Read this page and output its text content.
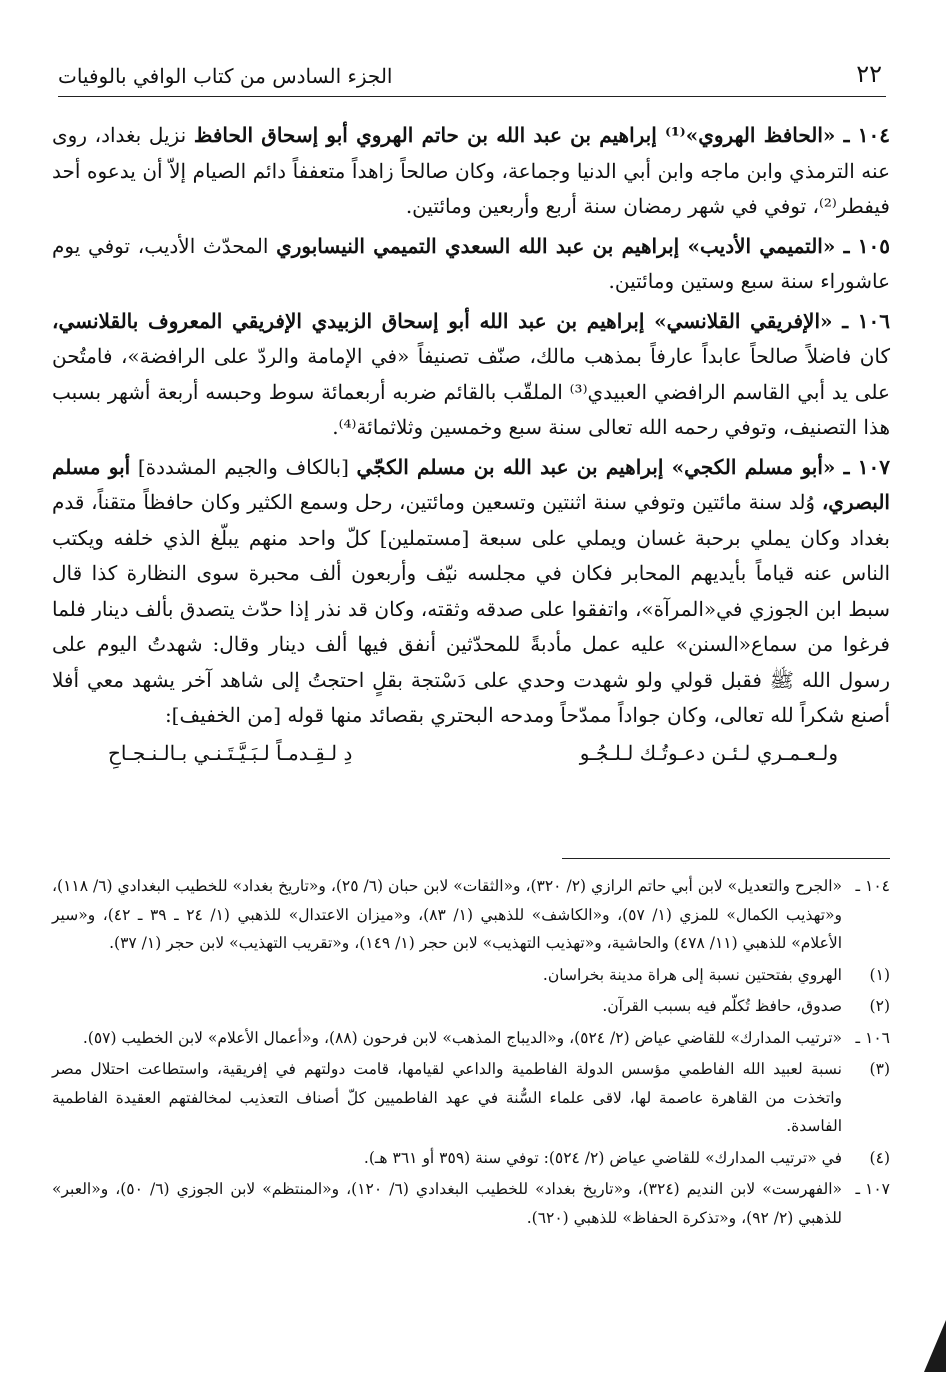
٢٢
الجزء السادس من كتاب الوافي بالوفيات

١٠٤ ـ «الحافظ الهروي»⁽¹⁾ إبراهيم بن عبد الله بن حاتم الهروي أبو إسحاق الحافظ نزيل بغداد، روى عنه الترمذي وابن ماجه وابن أبي الدنيا وجماعة، وكان صالحاً زاهداً متعففاً دائم الصيام إلاّ أن يدعوه أحد فيفطر⁽²⁾، توفي في شهر رمضان سنة أربع وأربعين ومائتين.

١٠٥ ـ «التميمي الأديب» إبراهيم بن عبد الله السعدي التميمي النيسابوري المحدّث الأديب، توفي يوم عاشوراء سنة سبع وستين ومائتين.

١٠٦ ـ «الإفريقي القلانسي» إبراهيم بن عبد الله أبو إسحاق الزبيدي الإفريقي المعروف بالقلانسي، كان فاضلاً صالحاً عابداً عارفاً بمذهب مالك، صنّف تصنيفاً «في الإمامة والردّ على الرافضة»، فامتُحن على يد أبي القاسم الرافضي العبيدي⁽³⁾ الملقّب بالقائم ضربه أربعمائة سوط وحبسه أربعة أشهر بسبب هذا التصنيف، وتوفي رحمه الله تعالى سنة سبع وخمسين وثلاثمائة⁽⁴⁾.

١٠٧ ـ «أبو مسلم الكجي» إبراهيم بن عبد الله بن مسلم الكجّي [بالكاف والجيم المشددة] أبو مسلم البصري، وُلد سنة مائتين وتوفي سنة اثنتين وتسعين ومائتين، رحل وسمع الكثير وكان حافظاً متقناً، قدم بغداد وكان يملي برحبة غسان ويملي على سبعة [مستملين] كلّ واحد منهم يبلّغ الذي خلفه ويكتب الناس عنه قياماً بأيديهم المحابر فكان في مجلسه نيّف وأربعون ألف محبرة سوى النظارة كذا قال سبط ابن الجوزي في«المرآة»، واتفقوا على صدقه وثقته، وكان قد نذر إذا حدّث يتصدق بألف دينار فلما فرغوا من سماع«السنن» عليه عمل مأدبةً للمحدّثين أنفق فيها ألف دينار وقال: شهدتُ اليوم على رسول الله ﷺ فقبل قولي ولو شهدت وحدي على دَسْتجة بقلٍ احتجتُ إلى شاهد آخر يشهد معي أفلا أصنع شكراً لله تعالى، وكان جواداً ممدّحاً ومدحه البحتري بقصائد منها قوله [من الخفيف]:

ولـعـمـري لـئـن دعـوتُـك لـلـجُـو
دِ لـقِـدمـاً لـبَـيَّـتَـنـي بـالـنـجـاحِ
١٠٤ ـ
«الجرح والتعديل» لابن أبي حاتم الرازي (٢/ ٣٢٠)، و«الثقات» لابن حبان (٦/ ٢٥)، و«تاريخ بغداد» للخطيب البغدادي (٦/ ١١٨)، و«تهذيب الكمال» للمزي (١/ ٥٧)، و«الكاشف» للذهبي (١/ ٨٣)، و«ميزان الاعتدال» للذهبي (١/ ٢٤ ـ ٣٩ ـ ٤٢)، و«سير الأعلام» للذهبي (١١/ ٤٧٨) والحاشية، و«تهذيب التهذيب» لابن حجر (١/ ١٤٩)، و«تقريب التهذيب» لابن حجر (١/ ٣٧).
(١)
الهروي بفتحتين نسبة إلى هراة مدينة بخراسان.
(٢)
صدوق، حافظ تُكلّم فيه بسبب القرآن.
١٠٦ ـ
«ترتيب المدارك» للقاضي عياض (٢/ ٥٢٤)، و«الديباج المذهب» لابن فرحون (٨٨)، و«أعمال الأعلام» لابن الخطيب (٥٧).
(٣)
نسبة لعبيد الله الفاطمي مؤسس الدولة الفاطمية والداعي لقيامها، قامت دولتهم في إفريقية، واستطاعت احتلال مصر واتخذت من القاهرة عاصمة لها، لاقى علماء السُّنة في عهد الفاطميين كلّ أصناف التعذيب لمخالفتهم العقيدة الفاطمية الفاسدة.
(٤)
في «ترتيب المدارك» للقاضي عياض (٢/ ٥٢٤): توفي سنة (٣٥٩ أو ٣٦١ هـ).
١٠٧ ـ
«الفهرست» لابن النديم (٣٢٤)، و«تاريخ بغداد» للخطيب البغدادي (٦/ ١٢٠)، و«المنتظم» لابن الجوزي (٦/ ٥٠)، و«العبر» للذهبي (٢/ ٩٢)، و«تذكرة الحفاظ» للذهبي (٦٢٠).
